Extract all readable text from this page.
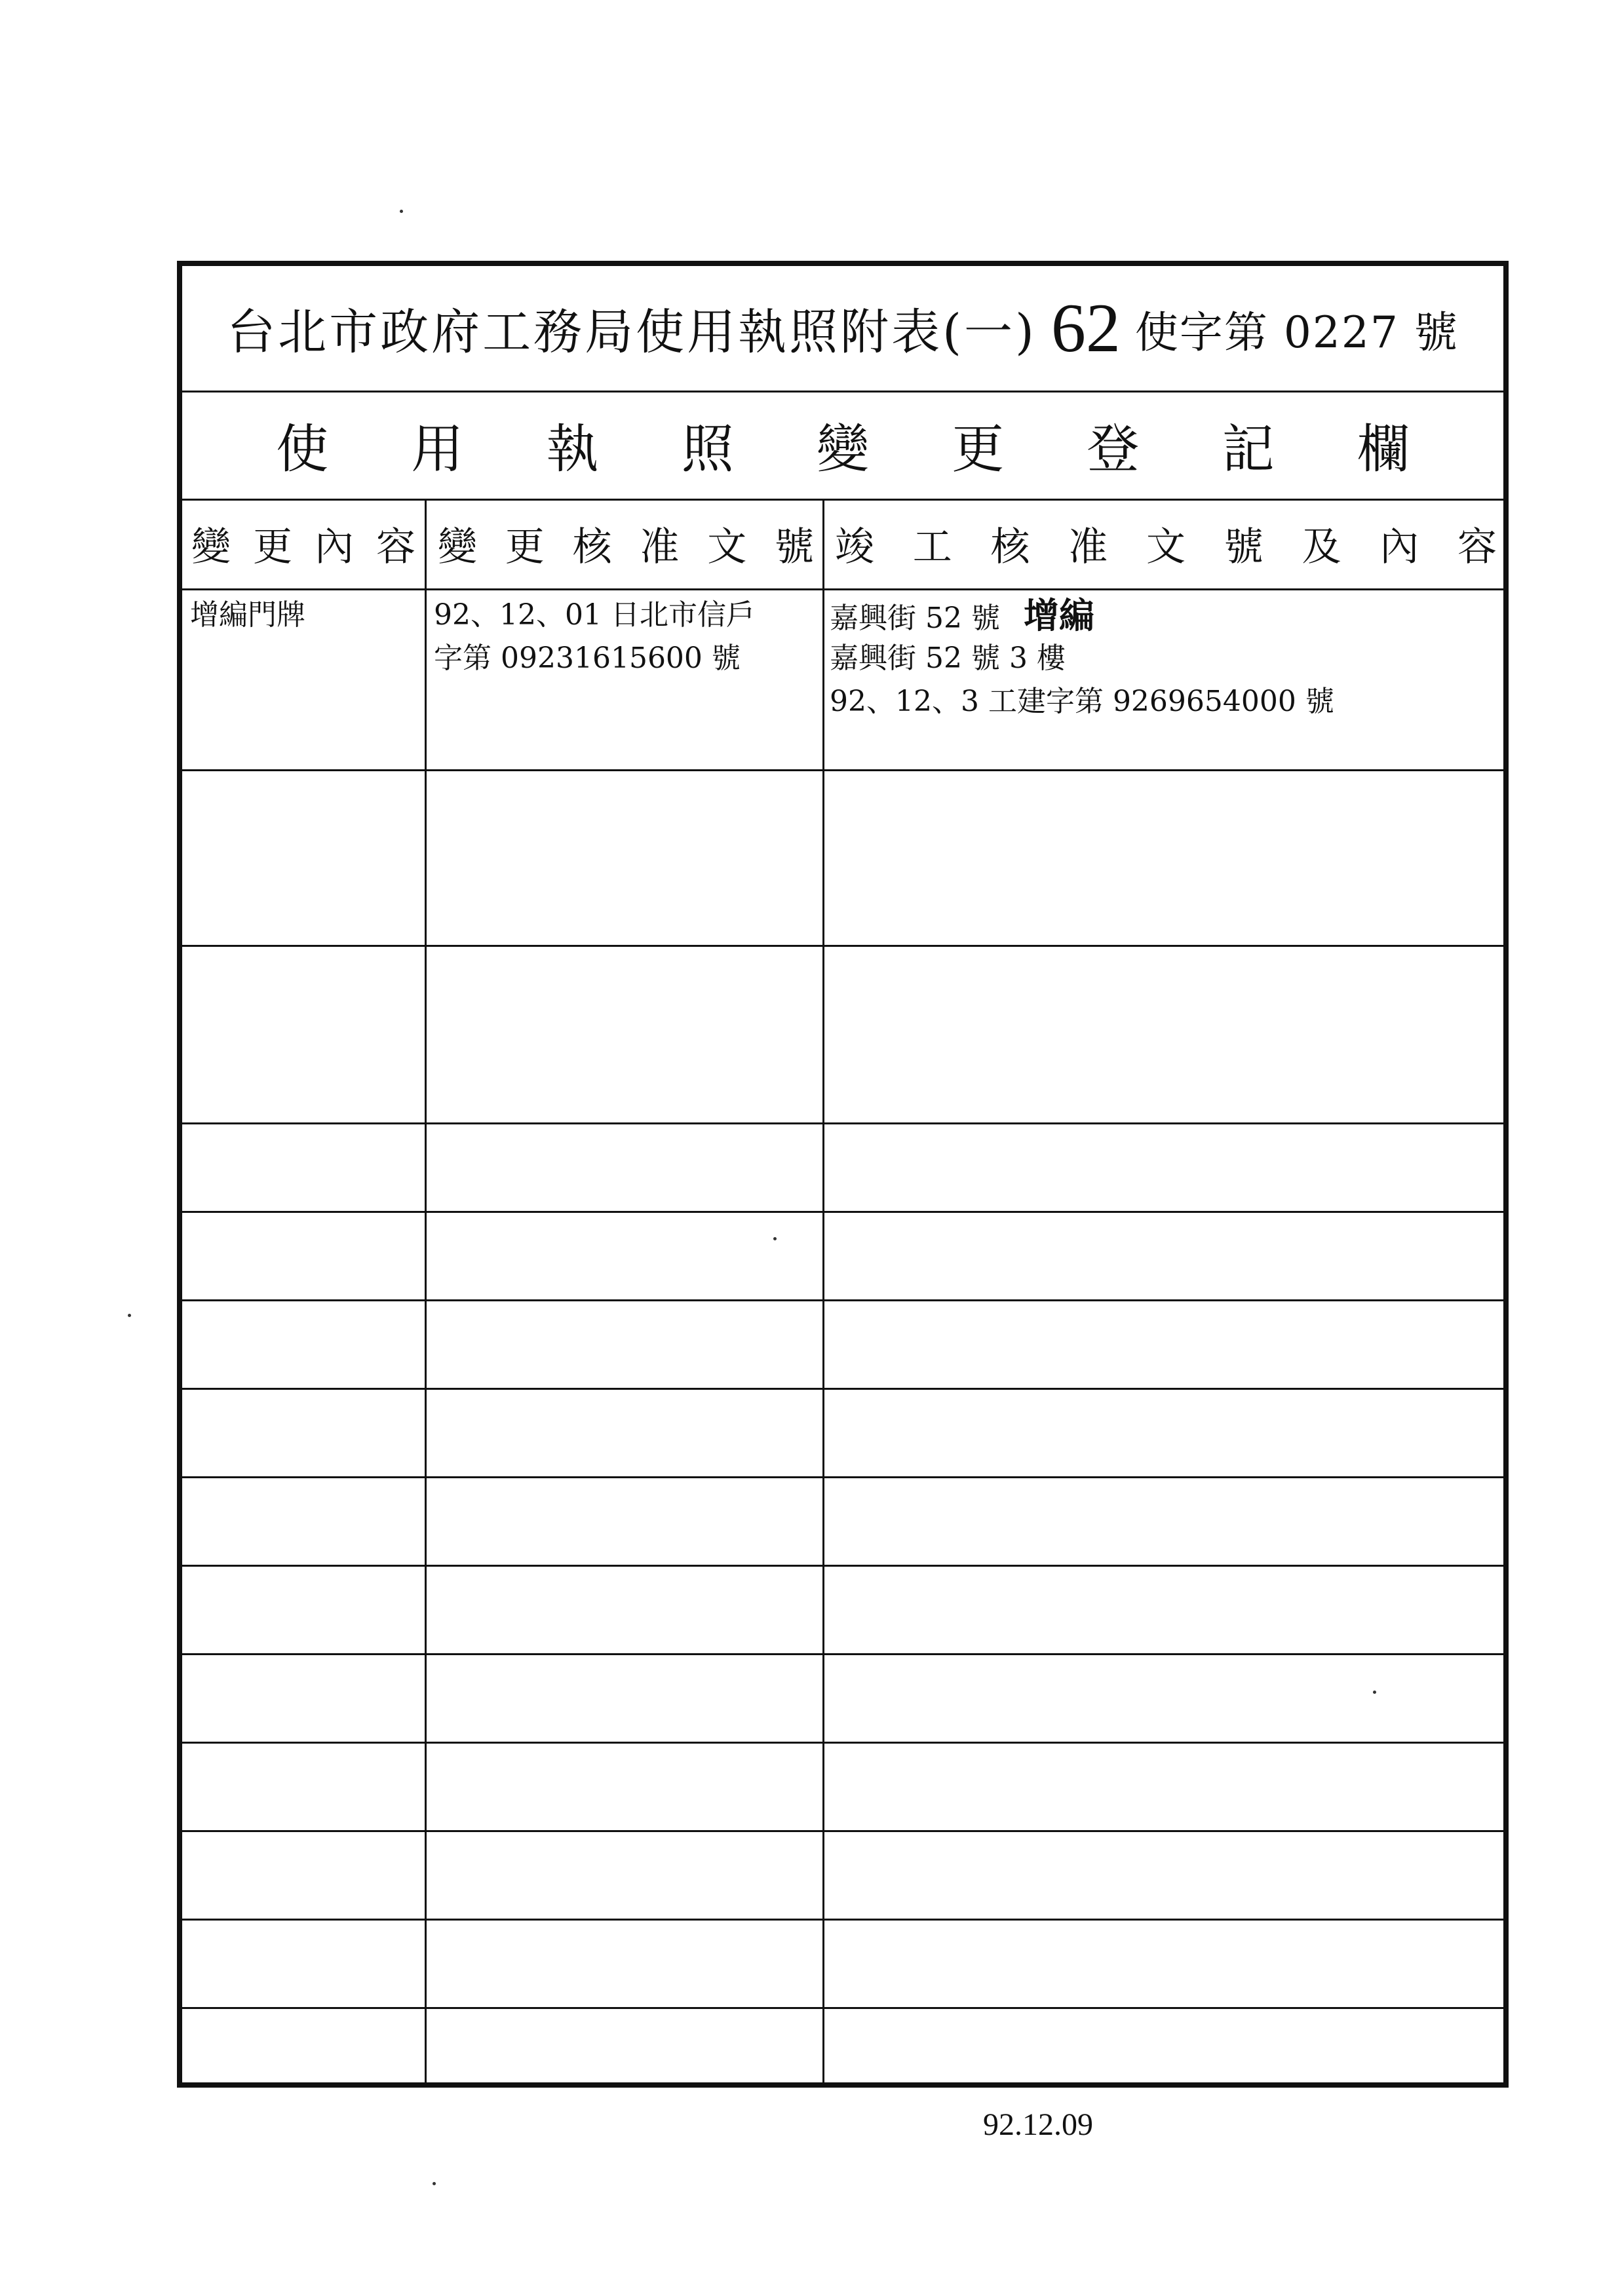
台北市政府工務局使用執照附表(一) 62 使字第 0227 號
使 用 執 照 變 更 登 記 欄
變 更 內 容 變 更 核 准 文 號 竣 工 核 准 文 號 及 內 容
增編門牌	92、12、01 日北市信戶
字第 09231615600 號
嘉興街 52 號 增編
嘉興街 52 號 3 樓
92、12、3 工建字第 9269654000 號
92.12.09
